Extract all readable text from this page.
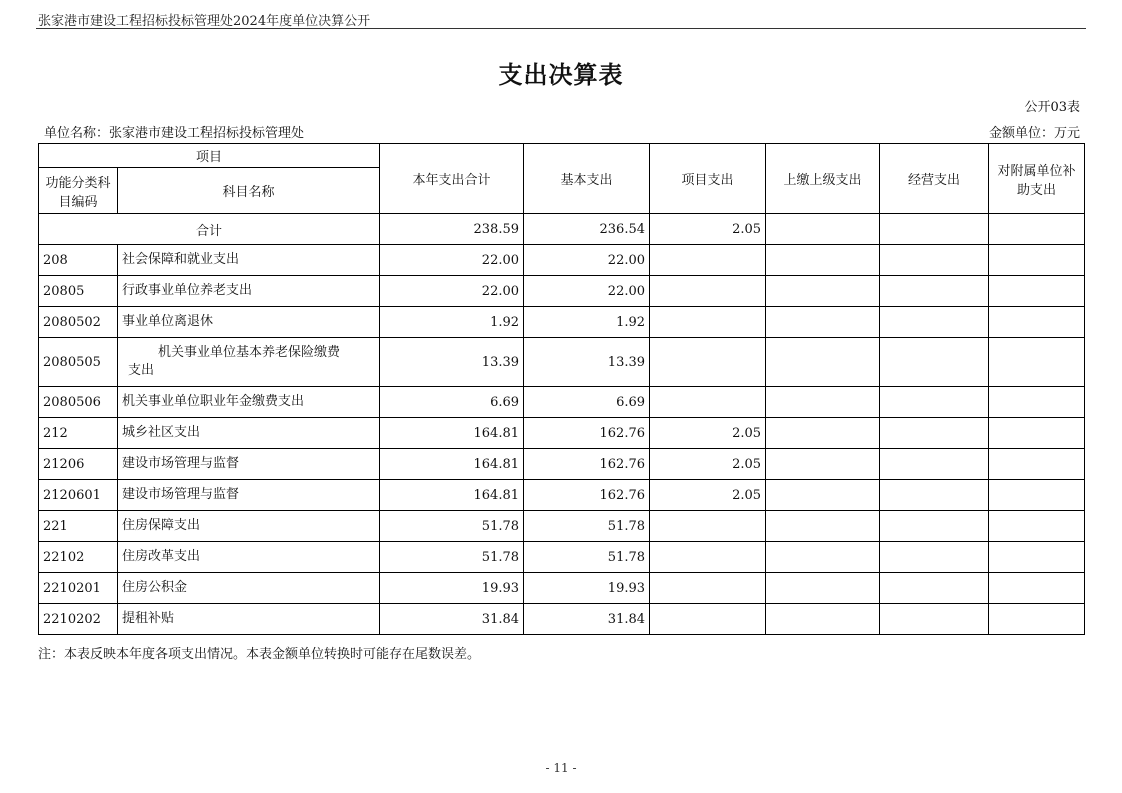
张家港市建设工程招标投标管理处2024年度单位决算公开
支出决算表
公开03表
单位名称：张家港市建设工程招标投标管理处	金额单位：万元
项目		本年支出合计	基本支出	项目支出	上缴上级支出	经营支出	对附属单位补助支出
功能分类科目编码	科目名称						
合计		238.59	236.54	2.05			
208	社会保障和就业支出	22.00	22.00				
20805	行政事业单位养老支出	22.00	22.00				
2080502	事业单位离退休	1.92	1.92				
2080505	机关事业单位基本养老保险缴费
支出	13.39	13.39				
2080506	机关事业单位职业年金缴费支出	6.69	6.69				
212	城乡社区支出	164.81	162.76	2.05			
21206	建设市场管理与监督	164.81	162.76	2.05			
2120601	建设市场管理与监督	164.81	162.76	2.05			
221	住房保障支出	51.78	51.78				
22102	住房改革支出	51.78	51.78				
2210201	住房公积金	19.93	19.93				
2210202	提租补贴	31.84	31.84				
注：本表反映本年度各项支出情况。本表金额单位转换时可能存在尾数误差。
- 11 -
